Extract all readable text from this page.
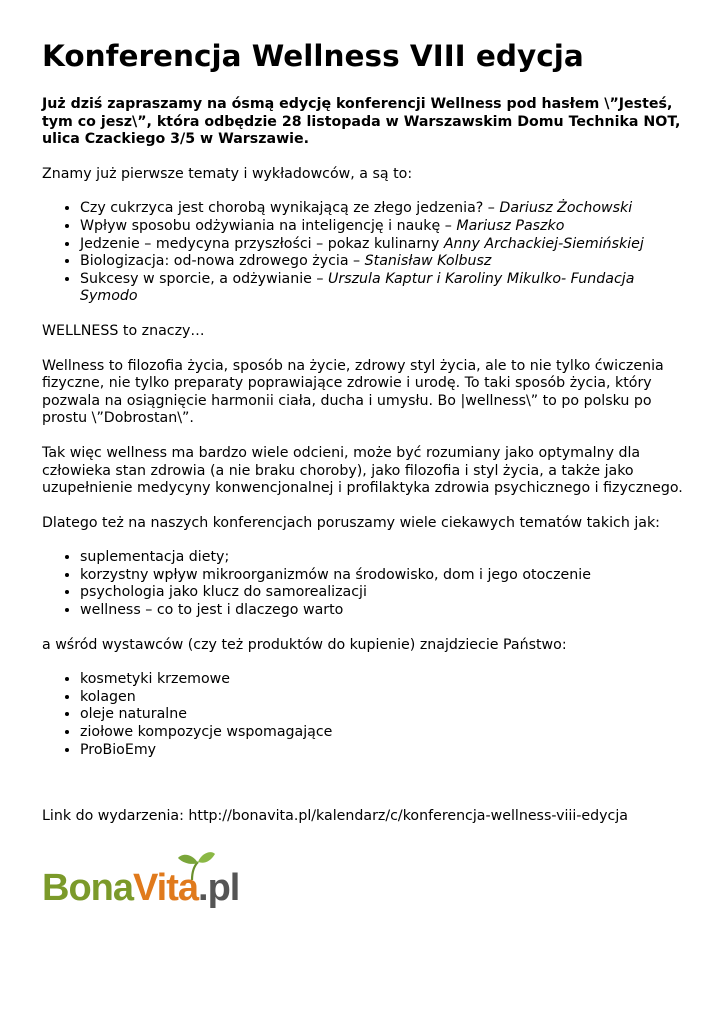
Konferencja Wellness VIII edycja

Już dziś zapraszamy na ósmą edycję konferencji Wellness pod hasłem \”Jesteś, tym co jesz\”, która odbędzie 28 listopada w Warszawskim Domu Technika NOT, ulica Czackiego 3/5 w Warszawie.

Znamy już pierwsze tematy i wykładowców, a są to:

• Czy cukrzyca jest chorobą wynikającą ze złego jedzenia? – Dariusz Żochowski
• Wpływ sposobu odżywiania na inteligencję i naukę – Mariusz Paszko
• Jedzenie – medycyna przyszłości – pokaz kulinarny Anny Archackiej-Siemińskiej
• Biologizacja: od-nowa zdrowego życia – Stanisław Kolbusz
• Sukcesy w sporcie, a odżywianie – Urszula Kaptur i Karoliny Mikulko- Fundacja Symodo

WELLNESS to znaczy…

Wellness to filozofia życia, sposób na życie, zdrowy styl życia, ale to nie tylko ćwiczenia fizyczne, nie tylko preparaty poprawiające zdrowie i urodę. To taki sposób życia, który pozwala na osiągnięcie harmonii ciała, ducha i umysłu. Bo |wellness\” to po polsku po prostu \”Dobrostan\”.

Tak więc wellness ma bardzo wiele odcieni, może być rozumiany jako optymalny dla człowieka stan zdrowia (a nie braku choroby), jako filozofia i styl życia, a także jako uzupełnienie medycyny konwencjonalnej i profilaktyka zdrowia psychicznego i fizycznego.

Dlatego też na naszych konferencjach poruszamy wiele ciekawych tematów takich jak:

• suplementacja diety;
• korzystny wpływ mikroorganizmów na środowisko, dom i jego otoczenie
• psychologia jako klucz do samorealizacji
• wellness – co to jest i dlaczego warto

a wśród wystawców (czy też produktów do kupienie) znajdziecie Państwo:

• kosmetyki krzemowe
• kolagen
• oleje naturalne
• ziołowe kompozycje wspomagające
• ProBioEmy

Link do wydarzenia: http://bonavita.pl/kalendarz/c/konferencja-wellness-viii-edycja

BonaVita.pl
